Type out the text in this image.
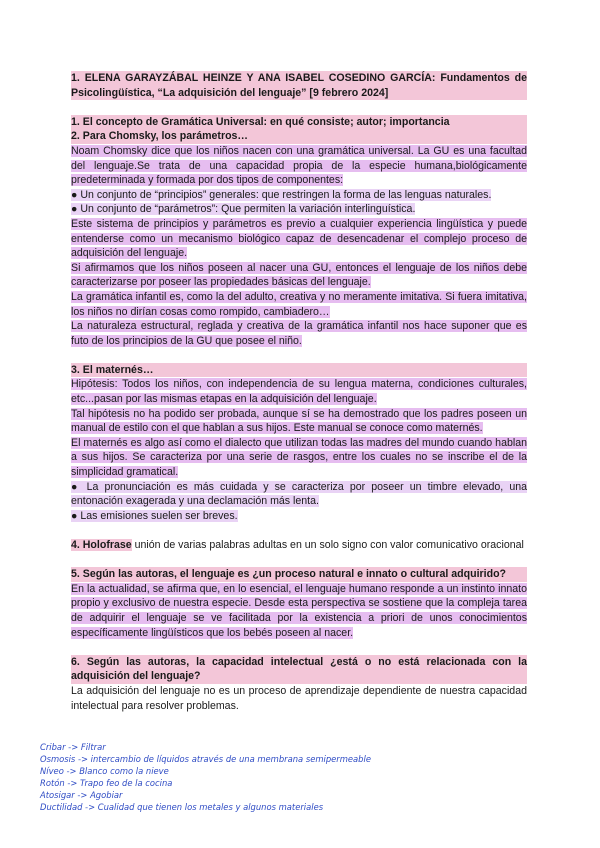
1. ELENA GARAYZÁBAL HEINZE Y ANA ISABEL COSEDINO GARCÍA: Fundamentos de Psicolingüística, “La adquisición del lenguaje” [9 febrero 2024]

1. El concepto de Gramática Universal: en qué consiste; autor; importancia

2. Para Chomsky, los parámetros…

Noam Chomsky dice que los niños nacen con una gramática universal. La GU es una facultad del lenguaje.Se trata de una capacidad propia de la especie humana,biológicamente predeterminada y formada por dos tipos de componentes:

● Un conjunto de “principios” generales: que restringen la forma de las lenguas naturales.

● Un conjunto de “parámetros”: Que permiten la variación interlinguística.

Este sistema de principios y parámetros es previo a cualquier experiencia lingüística y puede entenderse como un mecanismo biológico capaz de desencadenar el complejo proceso de adquisición del lenguaje.

Si afirmamos que los niños poseen al nacer una GU, entonces el lenguaje de los niños debe caracterizarse por poseer las propiedades básicas del lenguaje.

La gramática infantil es, como la del adulto, creativa y no meramente imitativa. Si fuera imitativa, los niños no dirían cosas como rompido, cambiadero…

La naturaleza estructural, reglada y creativa de la gramática infantil nos hace suponer que es futo de los principios de la GU que posee el niño.

3. El maternés…

Hipótesis: Todos los niños, con independencia de su lengua materna, condiciones culturales, etc...pasan por las mismas etapas en la adquisición del lenguaje.

Tal hipótesis no ha podido ser probada, aunque sí se ha demostrado que los padres poseen un manual de estilo con el que hablan a sus hijos. Este manual se conoce como maternés.

El maternés es algo así como el dialecto que utilizan todas las madres del mundo cuando hablan a sus hijos. Se caracteriza por una serie de rasgos, entre los cuales no se inscribe el de la simplicidad gramatical.

● La pronunciación es más cuidada y se caracteriza por poseer un timbre elevado, una entonación exagerada y una declamación más lenta.

● Las emisiones suelen ser breves.

4. Holofrase unión de varias palabras adultas en un solo signo con valor comunicativo oracional

5. Según las autoras, el lenguaje es ¿un proceso natural e innato o cultural adquirido?

En la actualidad, se afirma que, en lo esencial, el lenguaje humano responde a un instinto innato propio y exclusivo de nuestra especie. Desde esta perspectiva se sostiene que la compleja tarea de adquirir el lenguaje se ve facilitada por la existencia a priori de unos conocimientos específicamente lingüísticos que los bebés poseen al nacer.

6. Según las autoras, la capacidad intelectual ¿está o no está relacionada con la adquisición del lenguaje?

La adquisición del lenguaje no es un proceso de aprendizaje dependiente de nuestra capacidad intelectual para resolver problemas.

Cribar -> Filtrar
Osmosis -> intercambio de líquidos através de una membrana semipermeable
Níveo -> Blanco como la nieve
Rotón -> Trapo feo de la cocina
Atosigar -> Agobiar
Ductilidad -> Cualidad que tienen los metales y algunos materiales
